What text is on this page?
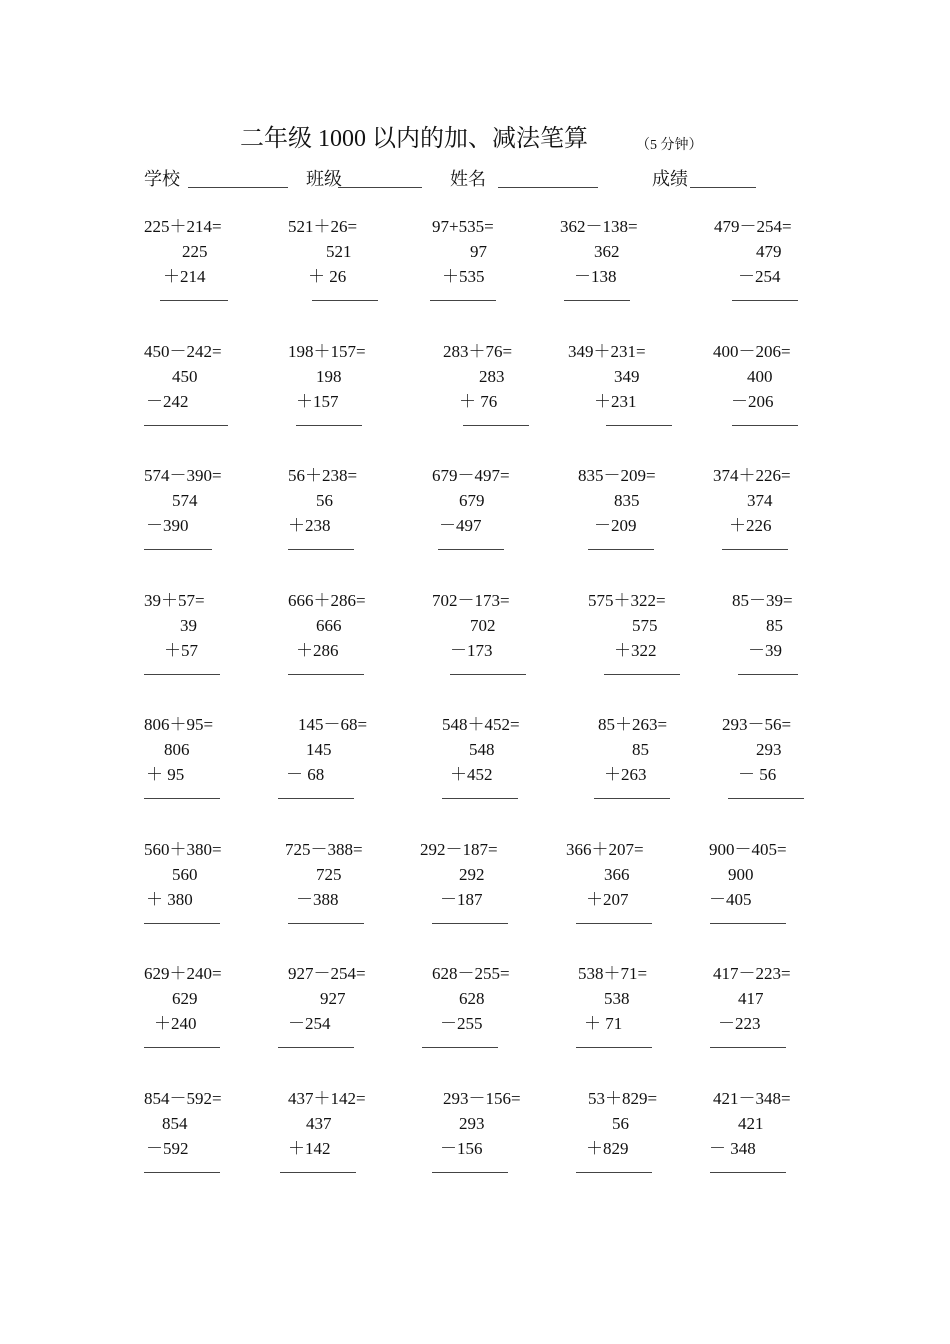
二年级 1000 以内的加、减法笔算	（5 分钟）
学校	班级	姓名	成绩
225＋214=
225
＋214
521＋26=
521
＋ 26
97+535=
97
＋535
362－138=
362
－138
479－254=
479
－254
450－242=
450
－242
198＋157=
198
＋157
283＋76=
283
＋ 76
349＋231=
349
＋231
400－206=
400
－206
574－390=
574
－390
56＋238=
56
＋238
679－497=
679
－497
835－209=
835
－209
374＋226=
374
＋226
39＋57=
39
＋57
666＋286=
666
＋286
702－173=
702
－173
575＋322=
575
＋322
85－39=
85
－39
806＋95=
806
＋ 95
145－68=
145
－ 68
548＋452=
548
＋452
85＋263=
85
＋263
293－56=
293
－ 56
560＋380=
560
＋ 380
725－388=
725
－388
292－187=
292
－187
366＋207=
366
＋207
900－405=
900
－405
629＋240=
629
＋240
927－254=
927
－254
628－255=
628
－255
538＋71=
538
＋ 71
417－223=
417
－223
854－592=
854
－592
437＋142=
437
＋142
293－156=
293
－156
53＋829=
56
＋829
421－348=
421
－ 348
